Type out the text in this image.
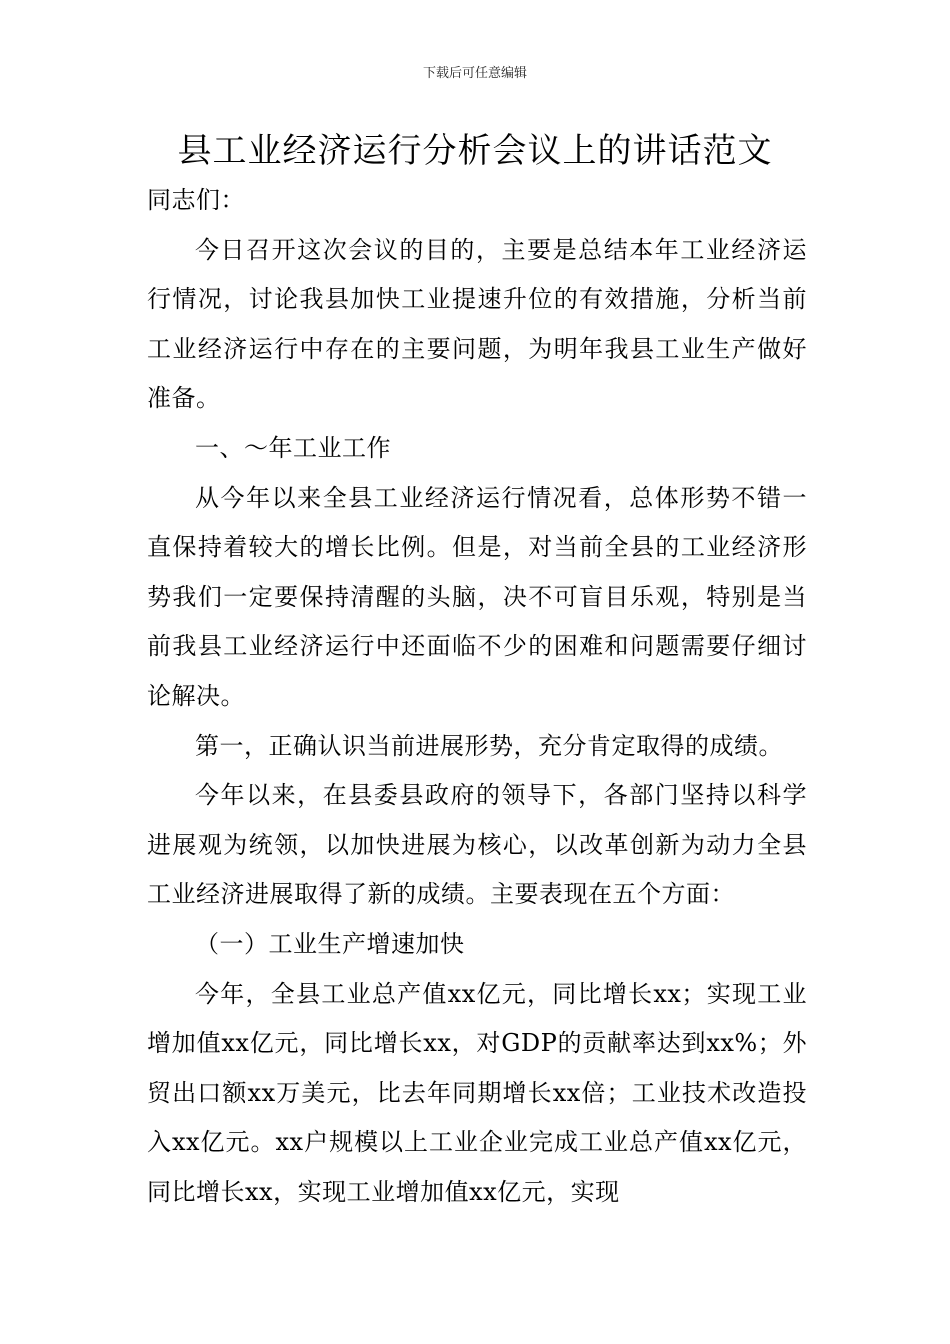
下载后可任意编辑
县工业经济运行分析会议上的讲话范文

同志们：

今日召开这次会议的目的，主要是总结本年工业经济运行情况，讨论我县加快工业提速升位的有效措施，分析当前工业经济运行中存在的主要问题，为明年我县工业生产做好准备。

一、～年工业工作

从今年以来全县工业经济运行情况看，总体形势不错一直保持着较大的增长比例。但是，对当前全县的工业经济形势我们一定要保持清醒的头脑，决不可盲目乐观，特别是当前我县工业经济运行中还面临不少的困难和问题需要仔细讨论解决。

第一，正确认识当前进展形势，充分肯定取得的成绩。

今年以来，在县委县政府的领导下，各部门坚持以科学进展观为统领，以加快进展为核心，以改革创新为动力全县工业经济进展取得了新的成绩。主要表现在五个方面：

（一）工业生产增速加快

今年，全县工业总产值xx亿元，同比增长xx；实现工业增加值xx亿元，同比增长xx，对GDP的贡献率达到xx%；外贸出口额xx万美元，比去年同期增长xx倍；工业技术改造投入xx亿元。xx户规模以上工业企业完成工业总产值xx亿元，同比增长xx，实现工业增加值xx亿元，实现
